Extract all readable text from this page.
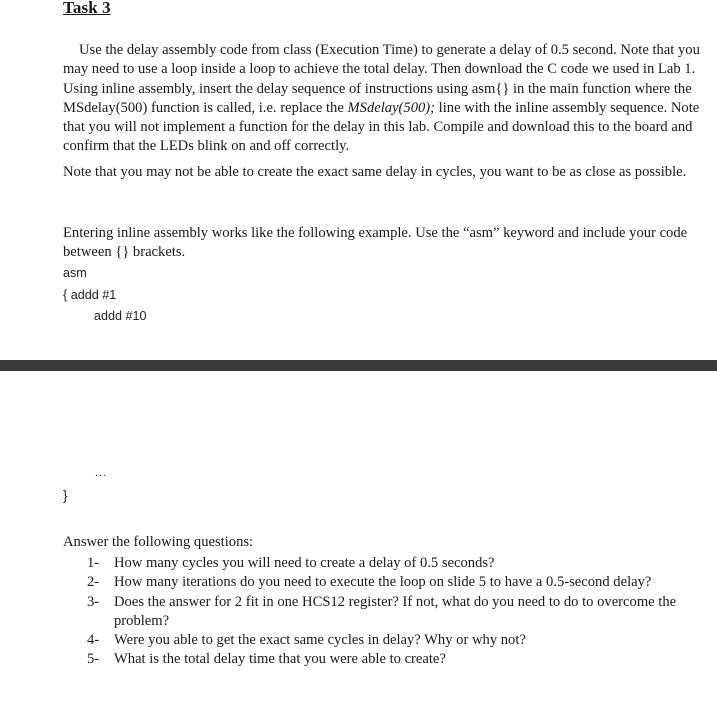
Task 3
Use the delay assembly code from class (Execution Time) to generate a delay of 0.5 second. Note that you may need to use a loop inside a loop to achieve the total delay. Then download the C code we used in Lab 1. Using inline assembly, insert the delay sequence of instructions using asm{} in the main function where the MSdelay(500) function is called, i.e. replace the MSdelay(500); line with the inline assembly sequence. Note that you will not implement a function for the delay in this lab. Compile and download this to the board and confirm that the LEDs blink on and off correctly.
Note that you may not be able to create the exact same delay in cycles, you want to be as close as possible.
Entering inline assembly works like the following example. Use the “asm” keyword and include your code between {} brackets.
asm
{ addd #1
addd #10
...
}
Answer the following questions:
1-	How many cycles you will need to create a delay of 0.5 seconds?
2-	How many iterations do you need to execute the loop on slide 5 to have a 0.5-second delay?
3-	Does the answer for 2 fit in one HCS12 register? If not, what do you need to do to overcome the problem?
4-	Were you able to get the exact same cycles in delay? Why or why not?
5-	What is the total delay time that you were able to create?
